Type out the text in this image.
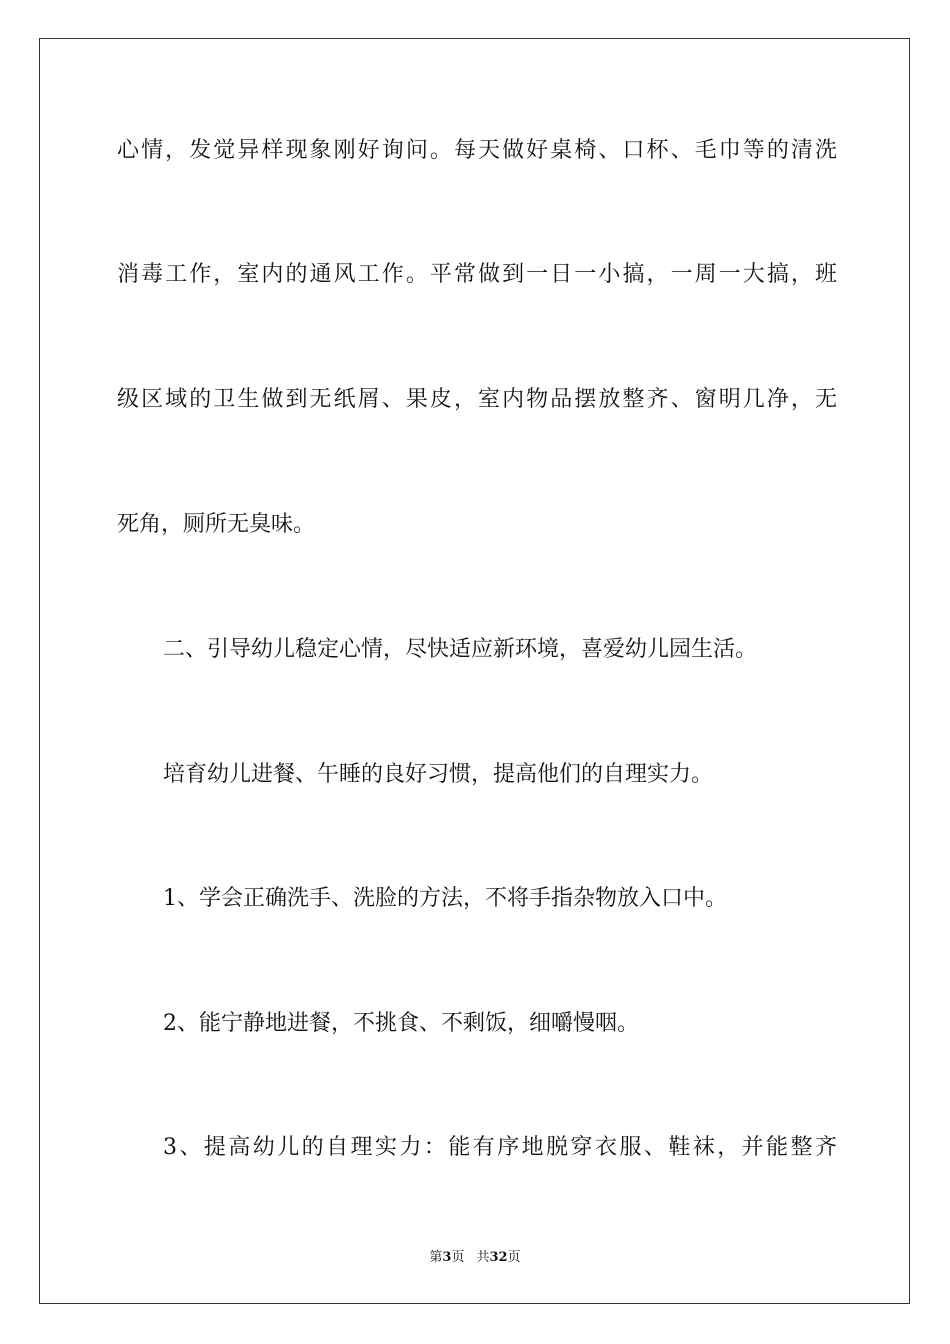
心情，发觉异样现象刚好询问。每天做好桌椅、口杯、毛巾等的清洗

消毒工作，室内的通风工作。平常做到一日一小搞，一周一大搞，班

级区域的卫生做到无纸屑、果皮，室内物品摆放整齐、窗明几净，无

死角，厕所无臭味。

二、引导幼儿稳定心情，尽快适应新环境，喜爱幼儿园生活。

培育幼儿进餐、午睡的良好习惯，提高他们的自理实力。

1、学会正确洗手、洗脸的方法，不将手指杂物放入口中。

2、能宁静地进餐，不挑食、不剩饭，细嚼慢咽。

3、提高幼儿的自理实力：能有序地脱穿衣服、鞋袜，并能整齐

第3页 共32页
